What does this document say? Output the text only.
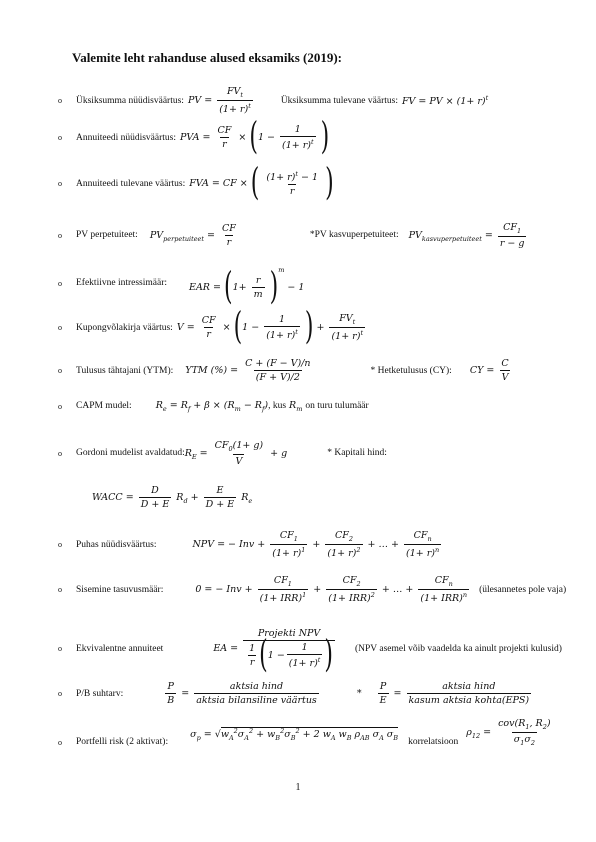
Valemite leht rahanduse alused eksamiks (2019):
o	Üksiksumma nüüdisväärtus: PV =
$FV_t$
$(1+ r)^t$
Üksiksumma tulevane väärtus: FV = PV × $(1+ r)^t$
o	Annuiteedi nüüdisväärtus: PVA = $\frac{CF}{r} \times (1 - \frac{1}{(1+ r)^t}$ )
o	Annuiteedi tulevane väärtus: FVA = CF × ( $\frac{(1+ r)^t - 1}{r}$ )
o	PV perpetuiteet: $PV_{perpetuiteet} = \frac{CF}{r}$	*PV kasvuperpetuiteet: $PV_{kasvuperpetuiteet} = \frac{CF_1}{r - g}$
o	Efektiivne intressimäär: EAR = $(1+ \frac{r}{m} )^m - 1$
o	Kupongvõlakirja väärtus: $V = \frac{CF}{r} \times (1 - \frac{1}{(1+ r)^t}$ ) +
$FV_t$
$(1+ r)^t$
o	Tulusus tähtajani (YTM): YTM (%) = $\frac{C + (F - V)/n}{(F + V)/2}$	* Hetketulusus (CY): CY = $\frac{C}{V}$
o	CAPM mudel:	$R_e = R_f + \beta \times (R_m - R_f)$ , kus $R_m$ on turu tulumäär
o	Gordoni mudelist avaldatud: $R_E = \frac{CF_0(1+ g)}{V} + g$	* Kapitali hind:
WACC = $\frac{D}{D + E} R_d + \frac{E}{D + E} R_e$
o	Puhas nüüdisväärtus:	NPV = − Inv + $\frac{CF_1}{(1+ r)^1} + \frac{CF_2}{(1+ r)^2}$ + … +
$CF_n$
$(1+ r)^n$
o	Sisemine tasuvusmäär:	0 = − Inv +
$CF_1$
(1+ IRR)$^1$ +
$CF_2$
(1+ IRR)$^2$ + … +
$CF_n$
(1+ IRR)$^n$
(ülesannetes pole vaja)
o	Ekvivalentne annuiteet	EA =
Projekti NPV
1
r ( 1 −
1
$(1+ r)^t$ ) (NPV asemel võib vaadelda ka ainult projekti kulusid)
o	P/B suhtarv:	$\frac{P}{B}$ =
aktsia hind
aktsia bilansiline väärtus
* $\frac{P}{E}$ =
aktsia hind
kasum aktsia kohta(EPS)
o	Portfelli risk (2 aktivat):
$\sigma_p = √w_A^2\sigma_A^2 + w_B^2\sigma_B^2 + 2$ $w_A$ $w_B$ $\rho_{AB}$ $\sigma_A$ $\sigma_B$ korrelatsioon
$\rho_{12}$ =
$cov(R_1$, $R_2$)
$\sigma_1\sigma_2$
1
